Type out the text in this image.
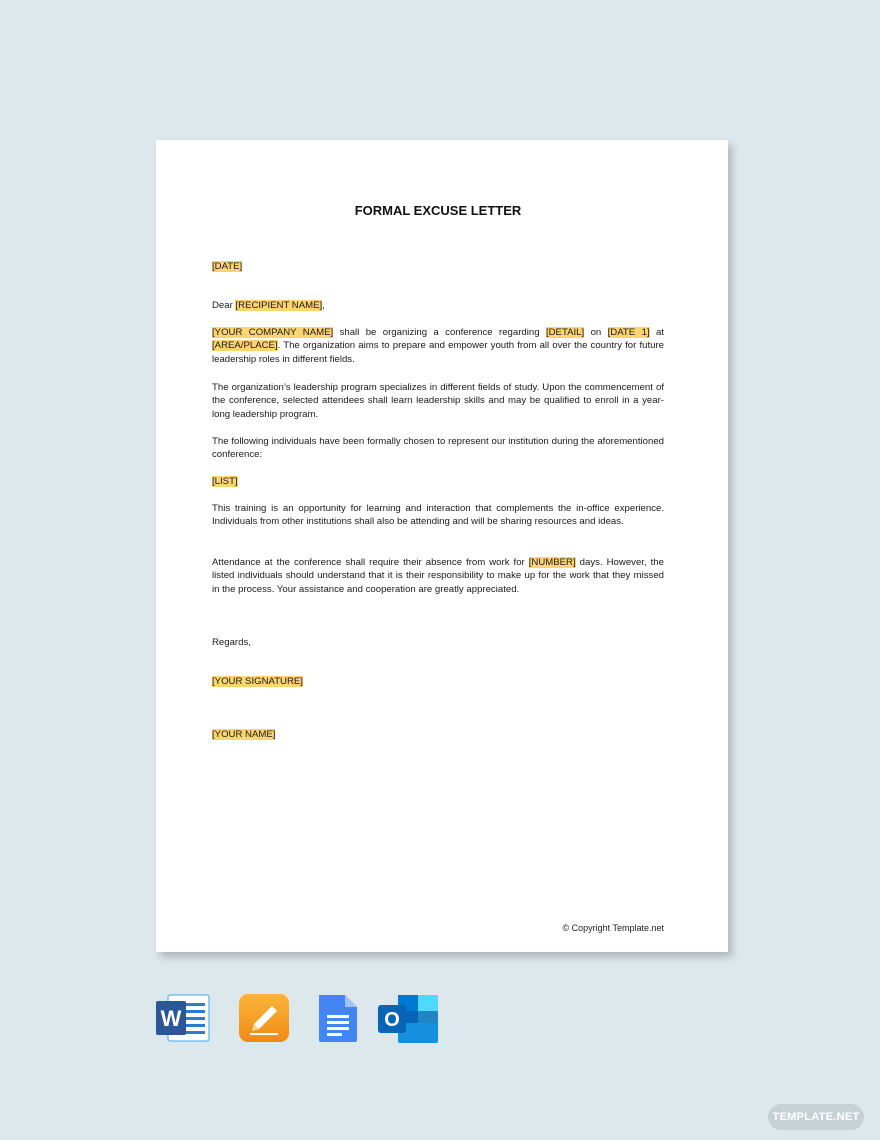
FORMAL EXCUSE LETTER

[DATE]

Dear [RECIPIENT NAME],

[YOUR COMPANY NAME] shall be organizing a conference regarding [DETAIL] on [DATE 1] at [AREA/PLACE]. The organization aims to prepare and empower youth from all over the country for future leadership roles in different fields.

The organization’s leadership program specializes in different fields of study. Upon the commencement of the conference, selected attendees shall learn leadership skills and may be qualified to enroll in a year-long leadership program.

The following individuals have been formally chosen to represent our institution during the aforementioned conference:

[LIST]

This training is an opportunity for learning and interaction that complements the in-office experience. Individuals from other institutions shall also be attending and will be sharing resources and ideas.

Attendance at the conference shall require their absence from work for [NUMBER] days. However, the listed individuals should understand that it is their responsibility to make up for the work that they missed in the process. Your assistance and cooperation are greatly appreciated.

Regards,

[YOUR SIGNATURE]

[YOUR NAME]

© Copyright Template.net
W	O
TEMPLATE.NET
